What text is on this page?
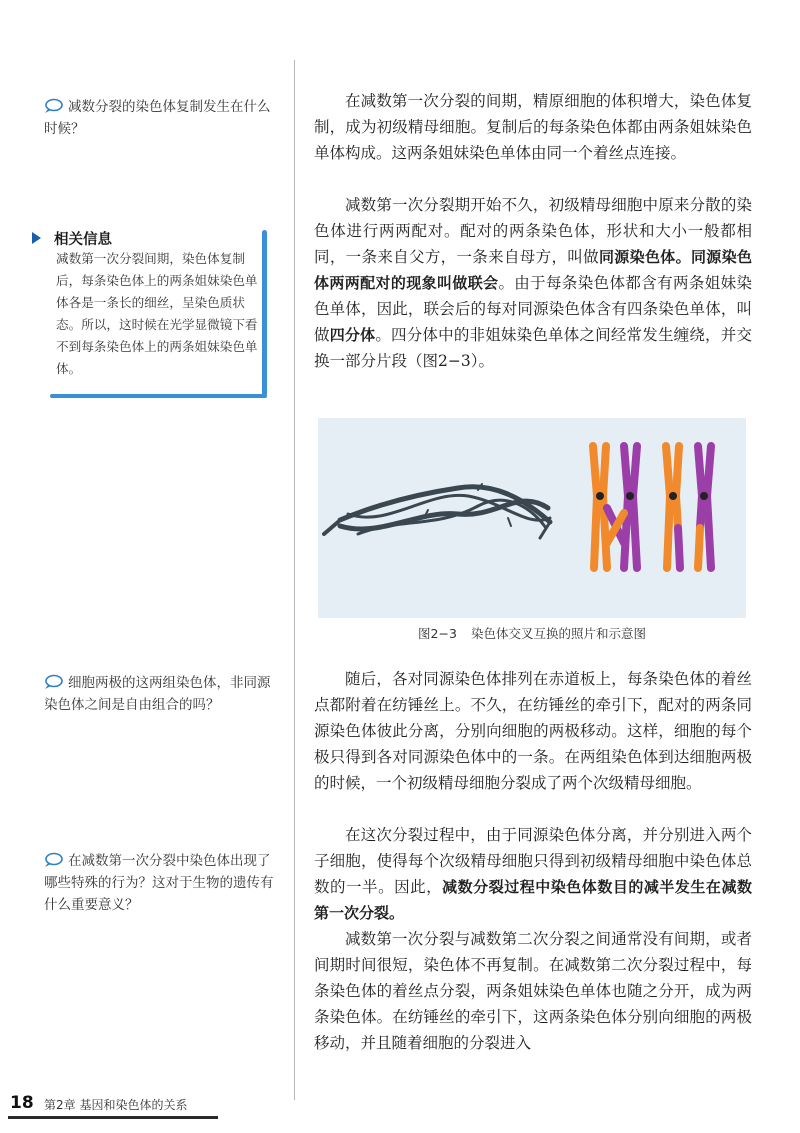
减数分裂的染色体复制发生在什么时候？
相关信息
减数第一次分裂间期，染色体复制后，每条染色体上的两条姐妹染色单体各是一条长的细丝，呈染色质状态。所以，这时候在光学显微镜下看不到每条染色体上的两条姐妹染色单体。
细胞两极的这两组染色体，非同源染色体之间是自由组合的吗？
在减数第一次分裂中染色体出现了哪些特殊的行为？这对于生物的遗传有什么重要意义？
在减数第一次分裂的间期，精原细胞的体积增大，染色体复制，成为初级精母细胞。复制后的每条染色体都由两条姐妹染色单体构成。这两条姐妹染色单体由同一个着丝点连接。
减数第一次分裂期开始不久，初级精母细胞中原来分散的染色体进行两两配对。配对的两条染色体，形状和大小一般都相同，一条来自父方，一条来自母方，叫做同源染色体。同源染色体两两配对的现象叫做联会。由于每条染色体都含有两条姐妹染色单体，因此，联会后的每对同源染色体含有四条染色单体，叫做四分体。四分体中的非姐妹染色单体之间经常发生缠绕，并交换一部分片段（图2−3）。
图2−3 染色体交叉互换的照片和示意图
随后，各对同源染色体排列在赤道板上，每条染色体的着丝点都附着在纺锤丝上。不久，在纺锤丝的牵引下，配对的两条同源染色体彼此分离，分别向细胞的两极移动。这样，细胞的每个极只得到各对同源染色体中的一条。在两组染色体到达细胞两极的时候，一个初级精母细胞分裂成了两个次级精母细胞。
在这次分裂过程中，由于同源染色体分离，并分别进入两个子细胞，使得每个次级精母细胞只得到初级精母细胞中染色体总数的一半。因此，减数分裂过程中染色体数目的减半发生在减数第一次分裂。
减数第一次分裂与减数第二次分裂之间通常没有间期，或者间期时间很短，染色体不再复制。在减数第二次分裂过程中，每条染色体的着丝点分裂，两条姐妹染色单体也随之分开，成为两条染色体。在纺锤丝的牵引下，这两条染色体分别向细胞的两极移动，并且随着细胞的分裂进入
18 第2章 基因和染色体的关系
